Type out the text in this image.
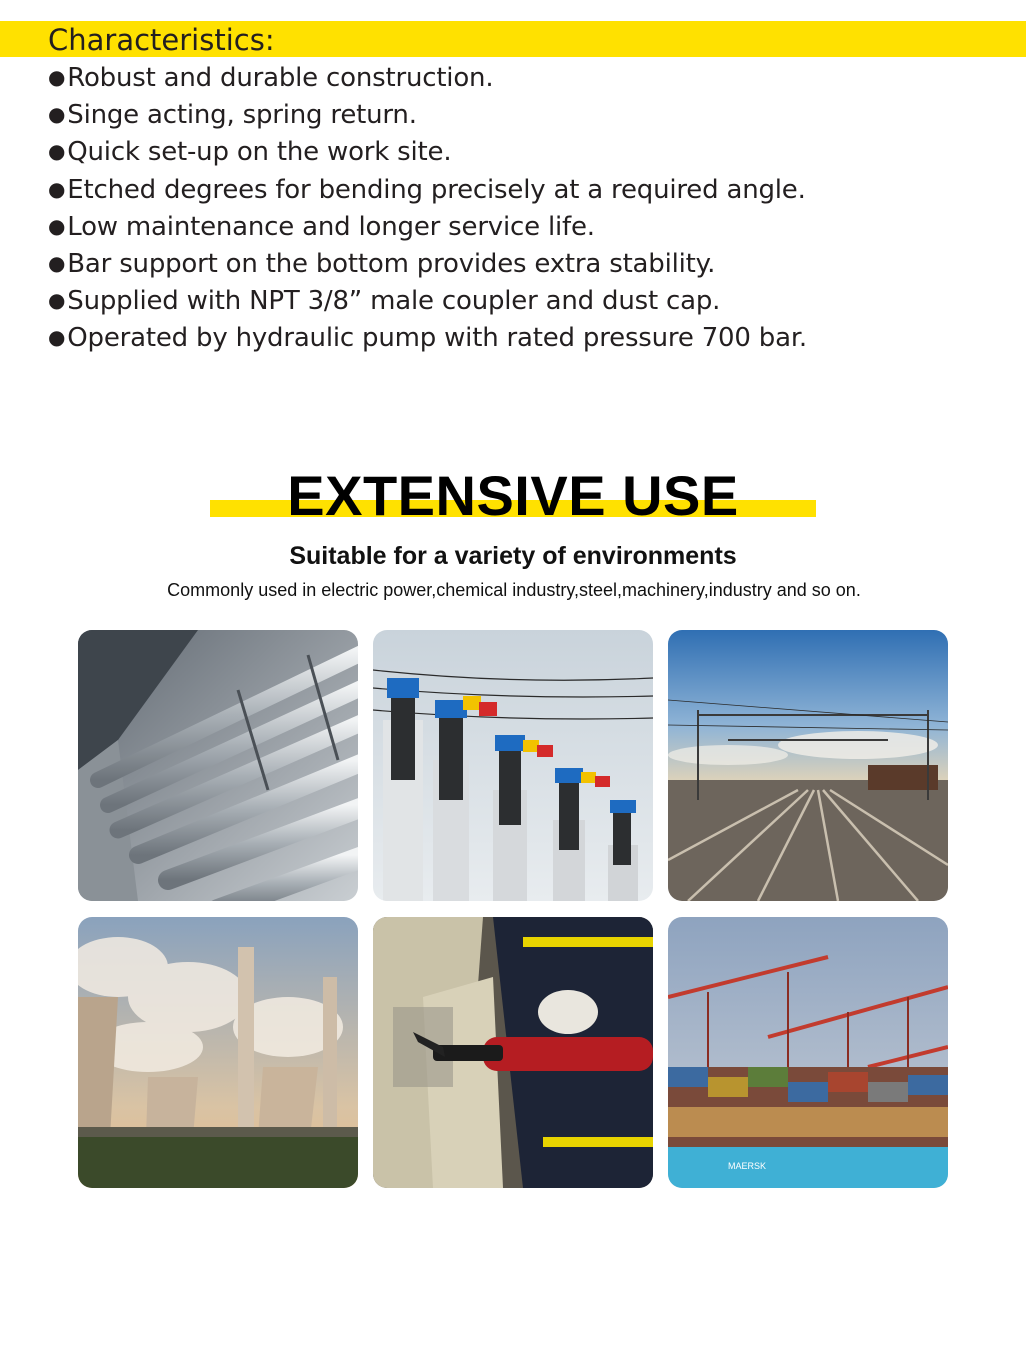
Characteristics:
●Robust and durable construction.
●Singe acting, spring return.
●Quick set-up on the work site.
●Etched degrees for bending precisely at a required angle.
●Low maintenance and longer service life.
●Bar support on the bottom provides extra stability.
●Supplied with NPT 3/8” male coupler and dust cap.
●Operated by hydraulic pump with rated pressure 700 bar.
EXTENSIVE USE
Suitable for a variety of environments

Commonly used in electric power,chemical industry,steel,machinery,industry and so on.

MAERSK
